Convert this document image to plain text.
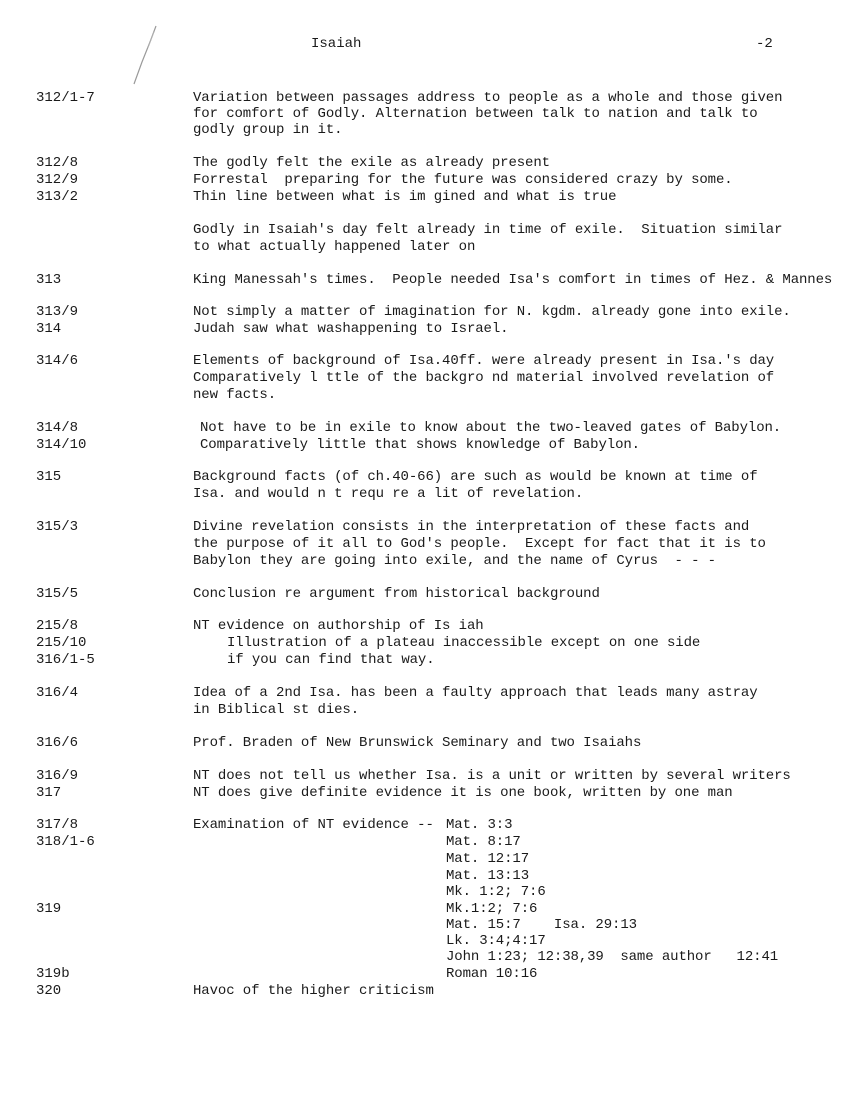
Isaiah	-2
312/1-7
312/8
312/9
313/2
313
313/9
314
314/6
314/8
314/10
315
315/3
315/5
215/8
215/10
316/1-5
316/4
316/6
316/9
317
317/8
318/1-6
319
319b
320
Variation between passages address to people as a whole and those given
for comfort of Godly. Alternation between talk to nation and talk to
godly group in it.
The godly felt the exile as already present
Forrestal  preparing for the future was considered crazy by some.
Thin line between what is im gined and what is true
Godly in Isaiah's day felt already in time of exile.  Situation similar
to what actually happened later on
King Manessah's times.  People needed Isa's comfort in times of Hez. & Mannes
Not simply a matter of imagination for N. kgdm. already gone into exile.
Judah saw what washappening to Israel.
Elements of background of Isa.40ff. were already present in Isa.'s day
Comparatively l ttle of the backgro nd material involved revelation of
new facts.
Not have to be in exile to know about the two-leaved gates of Babylon.
Comparatively little that shows knowledge of Babylon.
Background facts (of ch.40-66) are such as would be known at time of
Isa. and would n t requ re a lit of revelation.
Divine revelation consists in the interpretation of these facts and
the purpose of it all to God's people.  Except for fact that it is to
Babylon they are going into exile, and the name of Cyrus  - - -
Conclusion re argument from historical background
NT evidence on authorship of Is iah
Illustration of a plateau inaccessible except on one side
if you can find that way.
Idea of a 2nd Isa. has been a faulty approach that leads many astray
in Biblical st dies.
Prof. Braden of New Brunswick Seminary and two Isaiahs
NT does not tell us whether Isa. is a unit or written by several writers
NT does give definite evidence it is one book, written by one man
Examination of NT evidence -- Mat. 3:3
Mat. 8:17
Mat. 12:17
Mat. 13:13
Mk. 1:2; 7:6
Mk.1:2; 7:6
Mat. 15:7    Isa. 29:13
Lk. 3:4;4:17
John 1:23; 12:38,39  same author   12:41
Roman 10:16
Havoc of the higher criticism
